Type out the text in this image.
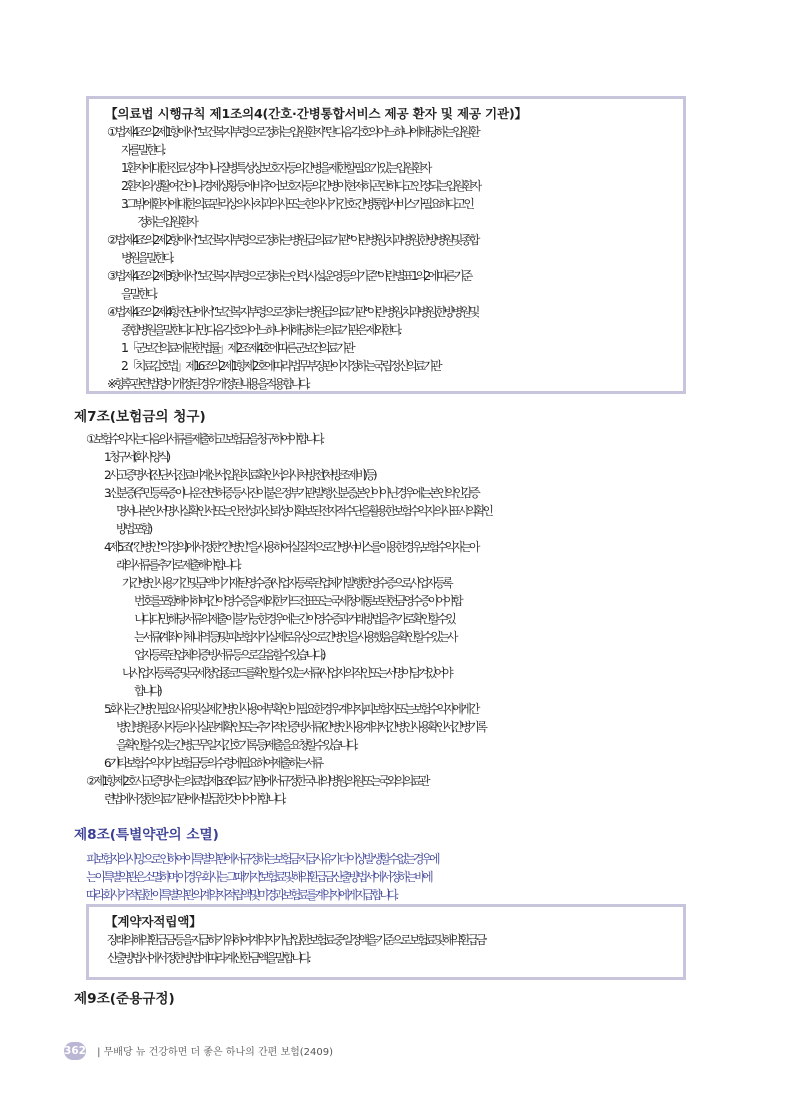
【의료법 시행규칙 제1조의4(간호·간병통합서비스 제공 환자 및 제공 기관)】
① 법 제4조의2제1항에서 “보건복지부령으로 정하는 입원 환자”란 다음 각 호의 어느 하나에 해당하는 입원 환
자를 말한다.
1. 환자에 대한 진료 성격이나 질병 특성상 보호자 등의 간병을 제한할 필요가 있는 입원 환자
2. 환자의 생활 여건이나 경제 상황 등에 비추어 보호자 등의 간병이 현저히 곤란하다고 인정되는 입원 환자
3. 그 밖에 환자에 대한 의료관리상 의사 · 치과의사 또는 한의사가 간호 · 간병통합서비스가 필요하다고 인
정하는 입원 환자
② 법 제4조의2제2항에서 “보건복지부령으로 정하는 병원급 의료기관”이란 병원, 치과병원, 한방병원 및 종합
병원을 말한다.
③ 법 제4조의2제3항에서 “보건복지부령으로 정하는 인력, 시설, 운영 등의 기준”이란 별표 1의2에 따른 기준
을 말한다.
④ 법 제4조의2제4항 전단에서 “보건복지부령으로 정하는 병원급 의료기관”이란 병원, 치과병원, 한방병원 및
종합병원을 말한다. 다만, 다음 각 호의 어느 하나에 해당하는 의료기관은 제외한다.
1. 「군보건의료에 관한 법률」 제2조제4호에 따른 군보건의료기관
2. 「치료감호법」 제16조의2제1항제2호에 따라 법무부장관이 지정하는 국립정신의료기관
※ 향후 관련 법령이 개정된 경우 개정된 내용을 적용합니다.
제7조(보험금의 청구)
① 보험수익자는 다음의 서류를 제출하고 보험금을 청구하여야 합니다.
1. 청구서(회사양식)
2. 사고증명서(진단서, 진료비계산서, 입원치료확인서, 의사처방전(처방조제비) 등)
3. 신분증(주민등록증이나 운전면허증 등 사진이 붙은 정부기관 발행 신분증, 본인이 아닌 경우에는 본인의 인감증
명서나 본인서명사실확인서 또는 안전성과 신뢰성이 확보된 전자적 수단을 활용한 보험수익자 의사표시의 확인
방법 포함)
4. 제5조(“간병인”의 정의)에서 정한 “간병인”을 사용하여 실질적으로 간병서비스를 이용한 경우, 보험수익자는 아
래의 서류를 추가로 제출해야 합니다.
가. 간병인 사용 기간 및 금액이 기재된 영수증(사업자등록된 업체가 발행한 영수증으로, 사업자등록
번호를 포함해야 하며, 간이영수증을 제외한 카드전표 또는 국세청에 통보된 현금영수증이어야 합
니다. 다만, 해당 서류의 제출이 불가능한 경우에는 간이영수증과 거래방법을 추가로 확인할 수 있
는 서류(계좌이체내역 등) 및 피보험자가 실제로 유상으로 간병인을 사용했음을 확인할 수 있는 사
업자등록된 업체의 증빙서류 등으로 갈음할 수 있습니다.)
나. 사업자등록증 및 국세청 업종코드를 확인할 수 있는 서류(사업자의 직인 또는 서명이 담겨있어야
합니다)
5. 회사는 간병인 필요사유 및 실제 간병인 사용여부 확인이 필요한 경우 계약자, 피보험자 또는 보험수익자에게 간
병인, 병원 종사자 등의 사실관계 확인 또는 추가적인 증빙서류(간병인사용계약서, 간병인사용확인서, 간병기록
을 확인할 수 있는 간병근무일지, 간호기록 등) 제출을 요청할 수 있습니다.
6. 기타 보험수익자가 보험금 등의 수령에 필요하여 제출하는 서류
② 제1항 제2호 사고증명서는 의료법 제3조(의료기관)에서 규정한 국내의 병원, 의원 또는 국외의 의료관
련법에서 정한 의료기관에서 발급한 것이어야 합니다.
제8조(특별약관의 소멸)
피보험자의 사망으로 인하여 이 특별약관에서 규정하는 보험금 지급사유가 더 이상 발생할 수 없는 경우에
는 이 특별약관은 소멸하며, 이 경우 회사는 그때까지 ‘보험료 및 해약환급금 산출방법서’에서 정하는 바에
따라 회사가 적립한 이 특별약관의 계약자적립액 및 미경과보험료를 계약자에게 지급합니다.
【계약자적립액】
장래의 해약환급금 등을 지급하기 위하여 계약자가 납입한 보험료 중 일정액을 기준으로 보험료 및 해약환급금
산출방법서에서 정한 방법에 따라 계산한 금액을 말합니다.
제9조(준용규정)
362 | 무배당 뉴 건강하면 더 좋은 하나의 간편 보험(2409)
